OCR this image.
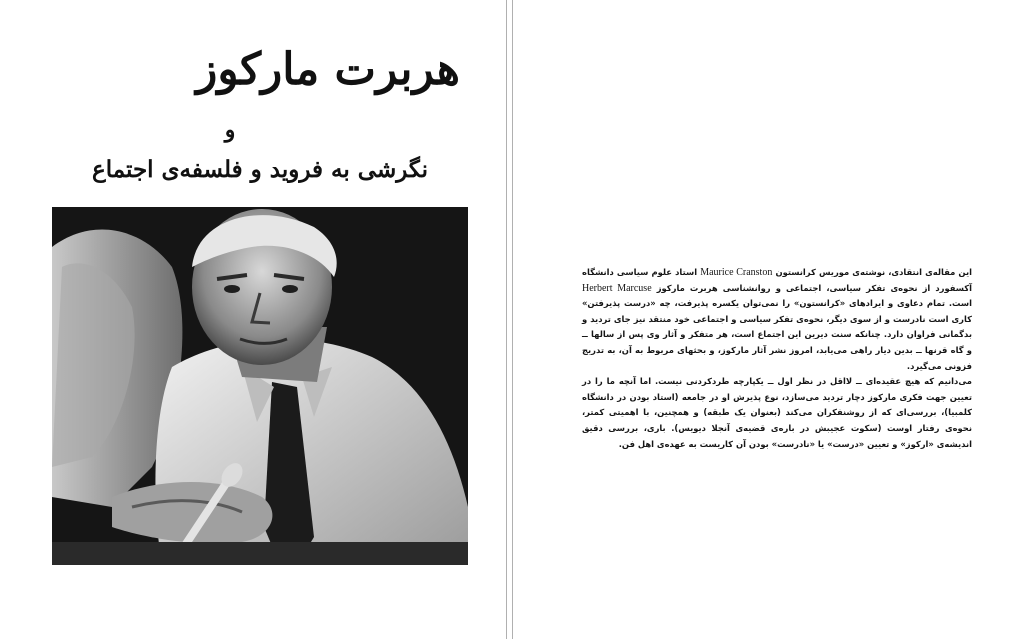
هربرت مارکوز
و
نگرشی به فروید و فلسفه‌ی اجتماع

این مقاله‌ی انتقادی، نوشته‌ی موریس کرانستون Maurice Cranston استاد علوم سیاسی دانشگاه آکسفورد از نحوه‌ی تفکر سیاسی، اجتماعی و روانشناسی هربرت مارکوز Herbert Marcuse است. تمام دعاوی و ایرادهای «کرانستون» را نمی‌توان یکسره پذیرفت، چه «درست پذیرفتن» کاری است نادرست و از سوی دیگر، نحوه‌ی تفکر سیاسی و اجتماعی خود منتقد نیز جای تردید و بدگمانی فراوان دارد. چنانکه سنت دیرین این اجتماع است، هر متفکر و آثار وی پس از سالها ــ و گاه قرنها ــ بدین دیار راهی می‌یابد، امروز نشر آثار مارکوز، و بحثهای مربوط به آن، به تدریج فزونی می‌گیرد.

می‌دانیم که هیچ عقیده‌ای ــ لااقل در نظر اول ــ یکپارچه طردکردنی نیست. اما آنچه ما را در تعیین جهت فکری مارکوز دچار تردید می‌سازد، نوع پذیرش او در جامعه (استاد بودن در دانشگاه کلمبیا)، بررسی‌ای که از روشنفکران می‌کند (بعنوان یک طبقه) و همچنین، با اهمیتی کمتر، نحوه‌ی رفتار اوست (سکوت عجیبش در باره‌ی قضیه‌ی آنجلا دیویس). باری، بررسی دقیق اندیشه‌ی «ارکوز» و تعیین «درست» یا «نادرست» بودن آن کاریست به عهده‌ی اهل فن.
